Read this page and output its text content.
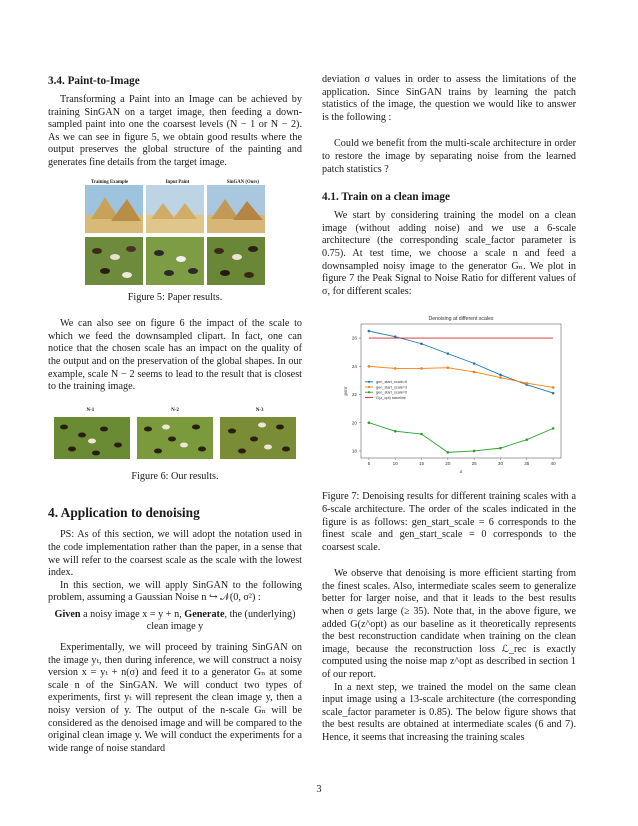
3.4. Paint-to-Image

Transforming a Paint into an Image can be achieved by training SinGAN on a target image, then feeding a down-sampled paint into one the coarsest levels (N − 1 or N − 2). As we can see in figure 5, we obtain good results where the output preserves the global structure of the painting and generates fine details from the target image.

Training Example	Input Paint	SinGAN (Ours)
Figure 5: Paper results.

We can also see on figure 6 the impact of the scale to which we feed the downsampled clipart. In fact, one can notice that the chosen scale has an impact on the quality of the output and on the preservation of the global shapes. In our example, scale N − 2 seems to lead to the result that is closest to the training image.

N-1	N-2	N-3
Figure 6: Our results.
4. Application to denoising

PS: As of this section, we will adopt the notation used in the code implementation rather than the paper, in a sense that we will refer to the coarsest scale as the scale with the lowest index.

In this section, we will apply SinGAN to the following problem, assuming a Gaussian Noise n ↪ 𝒩(0, σ²) :

Given a noisy image x = y + n, Generate, the (underlying)
clean image y

Experimentally, we will proceed by training SinGAN on the image yₜ, then during inference, we will construct a noisy version x = yₜ + n(σ) and feed it to a generator Gₙ at some scale n of the SinGAN. We will conduct two types of experiments, first yₜ will represent the clean image y, then a noisy version of y. The output of the n-scale Gₙ will be considered as the denoised image and will be compared to the original clean image y. We will conduct the experiments for a wide range of noise standard

deviation σ values in order to assess the limitations of the application. Since SinGAN trains by learning the patch statistics of the image, the question we would like to answer is the following :

Could we benefit from the multi-scale architecture in order to restore the image by separating noise from the learned patch statistics ?

4.1. Train on a clean image

We start by considering training the model on a clean image (without adding noise) and we use a 6-scale architecture (the corresponding scale_factor parameter is 0.75). At test time, we choose a scale n and feed a downsampled noisy image to the generator Gₙ. We plot in figure 7 the Peak Signal to Noise Ratio for different values of σ, for different scales:

Denoising at different scales
5	10	15	20	25	30	35	40
18
20
22
24
26
σ
psnr
gen_start_scale=6
gen_start_scale=3
gen_start_scale=0
G(z_opt) baseline
Figure 7: Denoising results for different training scales with a 6-scale architecture. The order of the scales indicated in the figure is as follows: gen_start_scale = 6 corresponds to the finest scale and gen_start_scale = 0 corresponds to the coarsest scale.

We observe that denoising is more efficient starting from the finest scales. Also, intermediate scales seem to generalize better for larger noise, and that it leads to the best results when σ gets large (≥ 35). Note that, in the above figure, we added G(z^opt) as our baseline as it theoretically represents the best reconstruction candidate when training on the clean image, because the reconstruction loss ℒ_rec is exactly computed using the noise map z^opt as described in section 1 of our report.

In a next step, we trained the model on the same clean input image using a 13-scale architecture (the corresponding scale_factor parameter is 0.85). The below figure shows that the best results are obtained at intermediate scales (6 and 7). Hence, it seems that increasing the training scales

3
